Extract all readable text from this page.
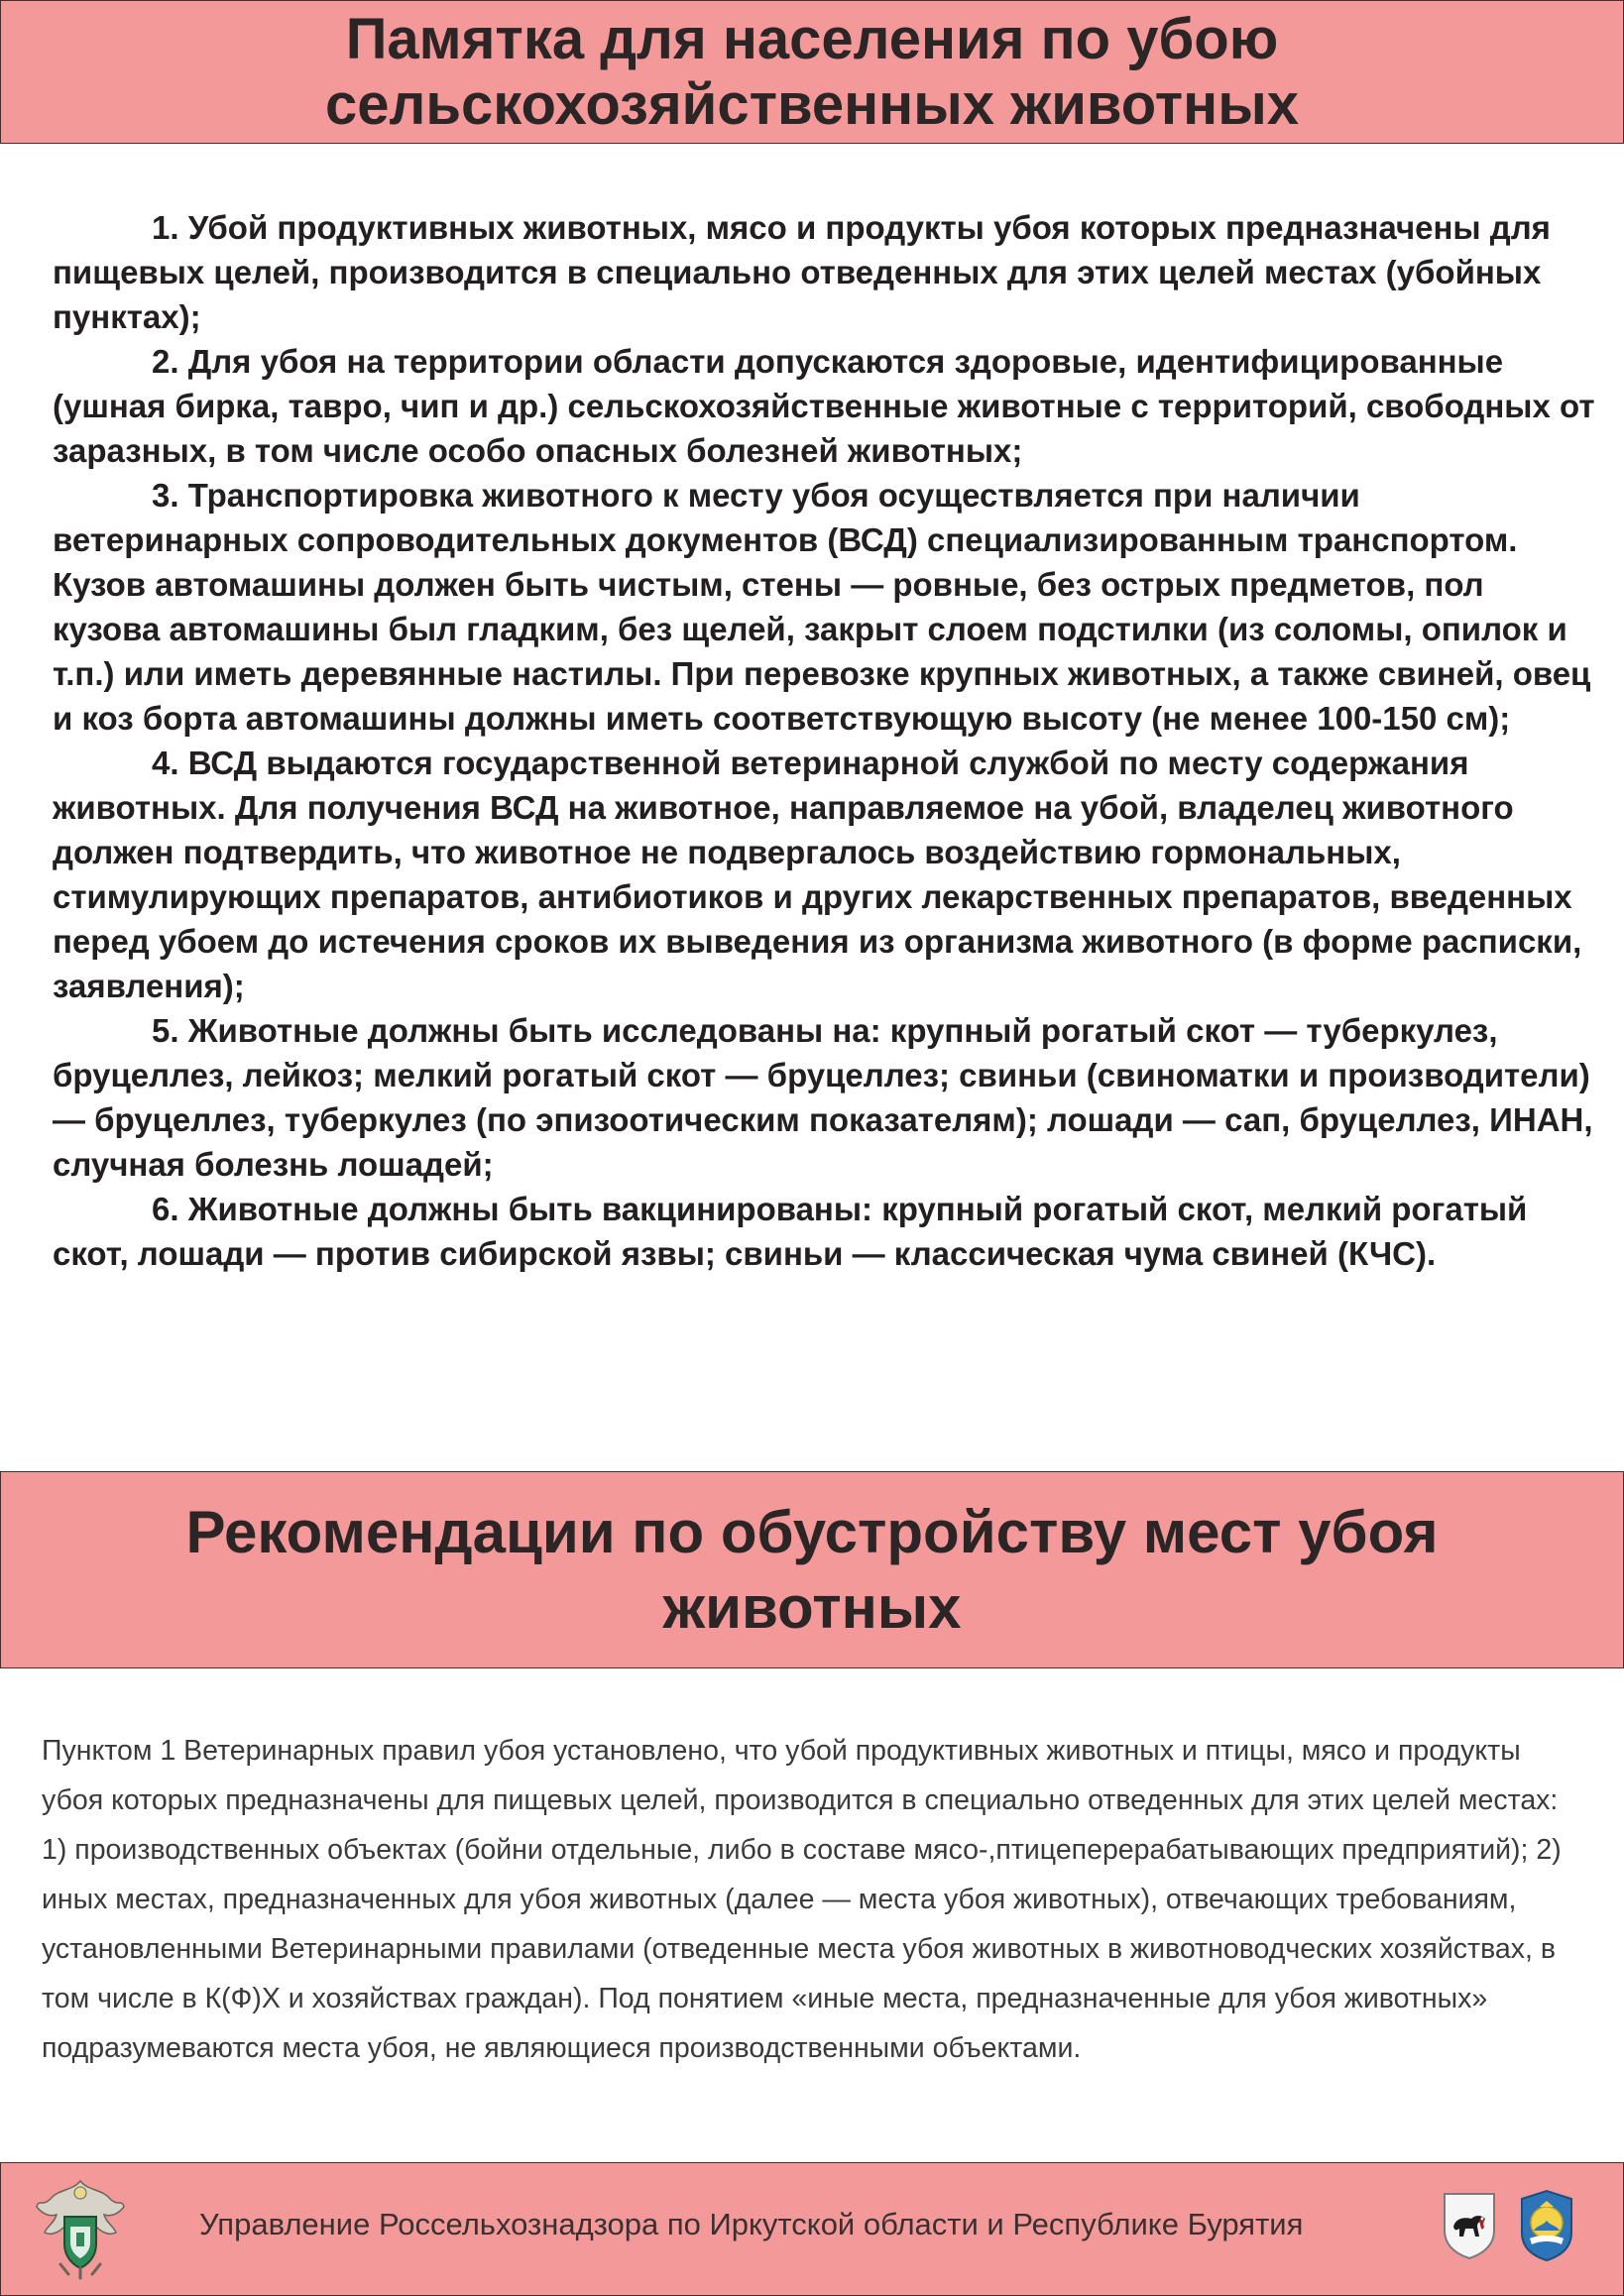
Памятка для населения по убою
сельскохозяйственных животных

1. Убой продуктивных животных, мясо и продукты убоя которых предназначены для пищевых целей, производится в специально отведенных для этих целей местах (убойных пунктах);

2. Для убоя на территории области допускаются здоровые, идентифицированные (ушная бирка, тавро, чип и др.) сельскохозяйственные животные с территорий, свободных от заразных, в том числе особо опасных болезней животных;

3. Транспортировка животного к месту убоя осуществляется при наличии ветеринарных сопроводительных документов (ВСД) специализированным транспортом. Кузов автомашины должен быть чистым, стены — ровные, без острых предметов, пол кузова автомашины был гладким, без щелей, закрыт слоем подстилки (из соломы, опилок и т.п.) или иметь деревянные настилы. При перевозке крупных животных, а также свиней, овец и коз борта автомашины должны иметь соответствующую высоту (не менее 100-150 см);

4. ВСД выдаются государственной ветеринарной службой по месту содержания животных. Для получения ВСД на животное, направляемое на убой, владелец животного должен подтвердить, что животное не подвергалось воздействию гормональных, стимулирующих препаратов, антибиотиков и других лекарственных препаратов, введенных перед убоем до истечения сроков их выведения из организма животного (в форме расписки, заявления);

5. Животные должны быть исследованы на: крупный рогатый скот — туберкулез, бруцеллез, лейкоз; мелкий рогатый скот — бруцеллез; свиньи (свиноматки и производители) — бруцеллез, туберкулез (по эпизоотическим показателям); лошади — сап, бруцеллез, ИНАН, случная болезнь лошадей;

6. Животные должны быть вакцинированы: крупный рогатый скот, мелкий рогатый скот, лошади — против сибирской язвы; свиньи — классическая чума свиней (КЧС).

Рекомендации по обустройству мест убоя
животных

Пунктом 1 Ветеринарных правил убоя установлено, что убой продуктивных животных и птицы, мясо и продукты убоя которых предназначены для пищевых целей, производится в специально отведенных для этих целей местах: 1) производственных объектах (бойни отдельные, либо в составе мясо-,птицеперерабатывающих предприятий); 2) иных местах, предназначенных для убоя животных (далее — места убоя животных), отвечающих требованиям, установленными Ветеринарными правилами (отведенные места убоя животных в животноводческих хозяйствах, в том числе в К(Ф)Х и хозяйствах граждан). Под понятием «иные места, предназначенные для убоя животных» подразумеваются места убоя, не являющиеся производственными объектами.

Управление Россельхознадзора по Иркутской области и Республике Бурятия
